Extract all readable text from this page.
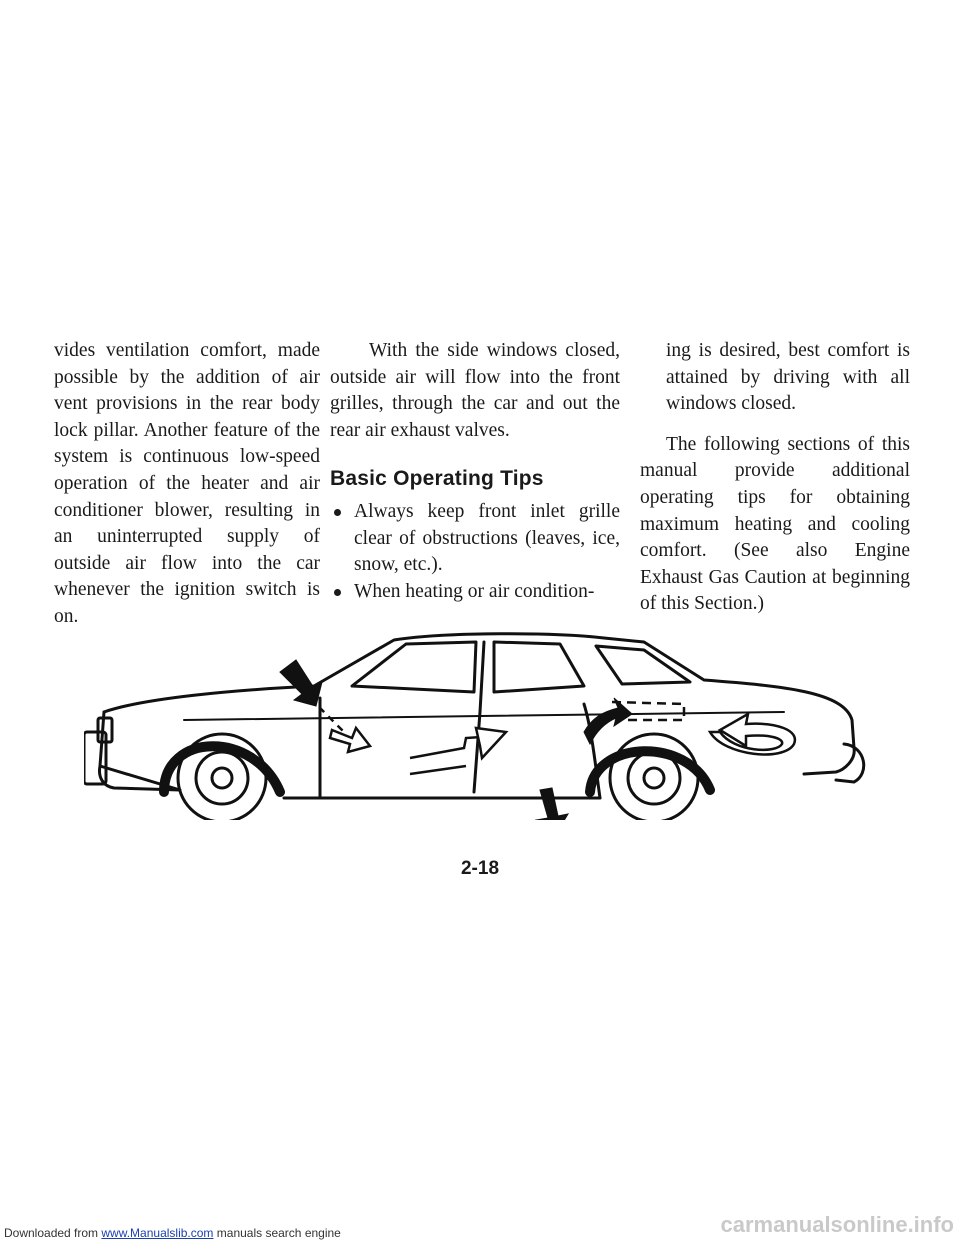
vides ventilation comfort, made possible by the addition of air vent provisions in the rear body lock pillar. Another feature of the system is continuous low-speed operation of the heater and air conditioner blower, resulting in an uninterrupted supply of outside air flow into the car whenever the ignition switch is on.

With the side windows closed, outside air will flow into the front grilles, through the car and out the rear air exhaust valves.

Basic Operating Tips
Always keep front inlet grille clear of obstructions (leaves, ice, snow, etc.).
When heating or air condition-

ing is desired, best comfort is attained by driving with all windows closed.

The following sections of this manual provide additional operating tips for obtaining maximum heating and cooling comfort. (See also Engine Exhaust Gas Caution at beginning of this Section.)

2-18
Downloaded from www.Manualslib.com manuals search engine	carmanualsonline.info
